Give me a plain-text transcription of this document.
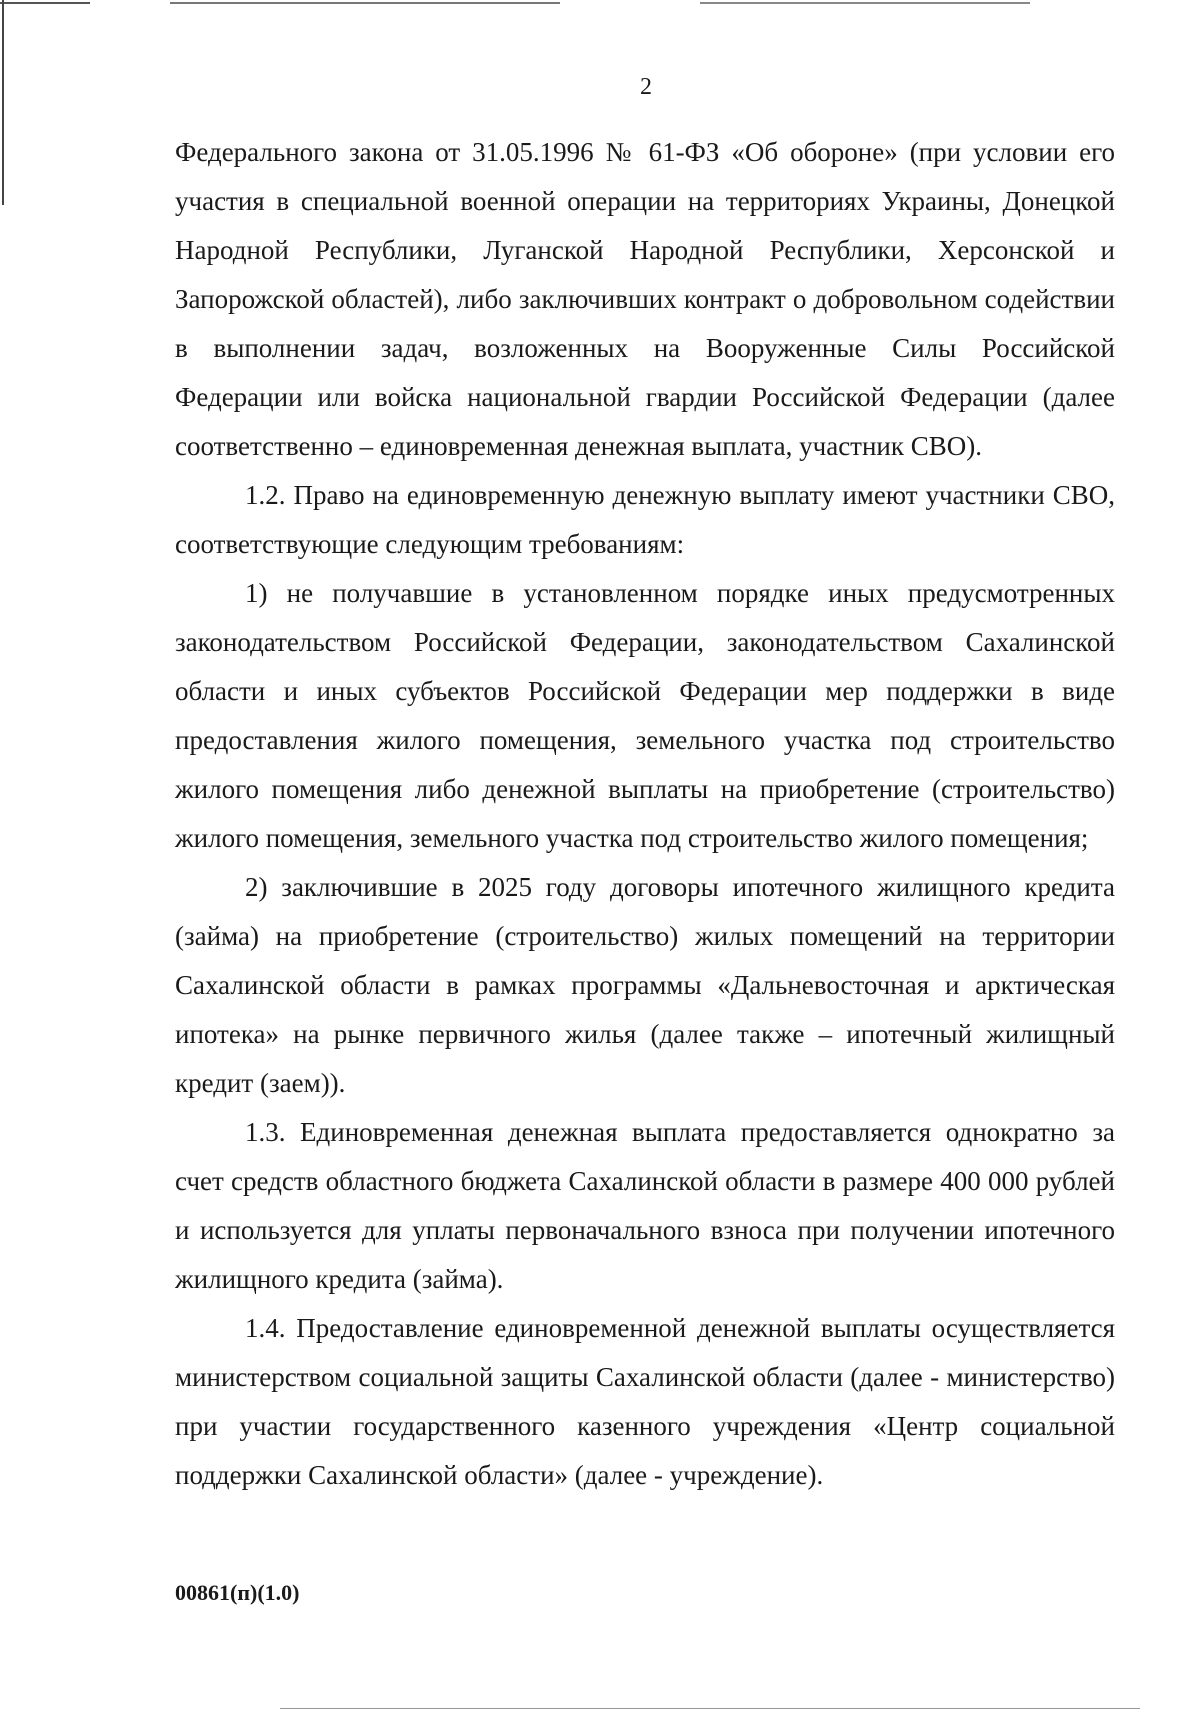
2

Федерального закона от 31.05.1996 № 61-ФЗ «Об обороне» (при условии его участия в специальной военной операции на территориях Украины, Донецкой Народной Республики, Луганской Народной Республики, Херсонской и Запорожской областей), либо заключивших контракт о добровольном содействии в выполнении задач, возложенных на Вооруженные Силы Российской Федерации или войска национальной гвардии Российской Федерации (далее соответственно – единовременная денежная выплата, участник СВО).

1.2. Право на единовременную денежную выплату имеют участники СВО, соответствующие следующим требованиям:

1) не получавшие в установленном порядке иных предусмотренных законодательством Российской Федерации, законодательством Сахалинской области и иных субъектов Российской Федерации мер поддержки в виде предоставления жилого помещения, земельного участка под строительство жилого помещения либо денежной выплаты на приобретение (строительство) жилого помещения, земельного участка под строительство жилого помещения;

2) заключившие в 2025 году договоры ипотечного жилищного кредита (займа) на приобретение (строительство) жилых помещений на территории Сахалинской области в рамках программы «Дальневосточная и арктическая ипотека» на рынке первичного жилья (далее также – ипотечный жилищный кредит (заем)).

1.3. Единовременная денежная выплата предоставляется однократно за счет средств областного бюджета Сахалинской области в размере 400 000 рублей и используется для уплаты первоначального взноса при получении ипотечного жилищного кредита (займа).

1.4. Предоставление единовременной денежной выплаты осуществляется министерством социальной защиты Сахалинской области (далее - министерство) при участии государственного казенного учреждения «Центр социальной поддержки Сахалинской области» (далее - учреждение).

00861(п)(1.0)
